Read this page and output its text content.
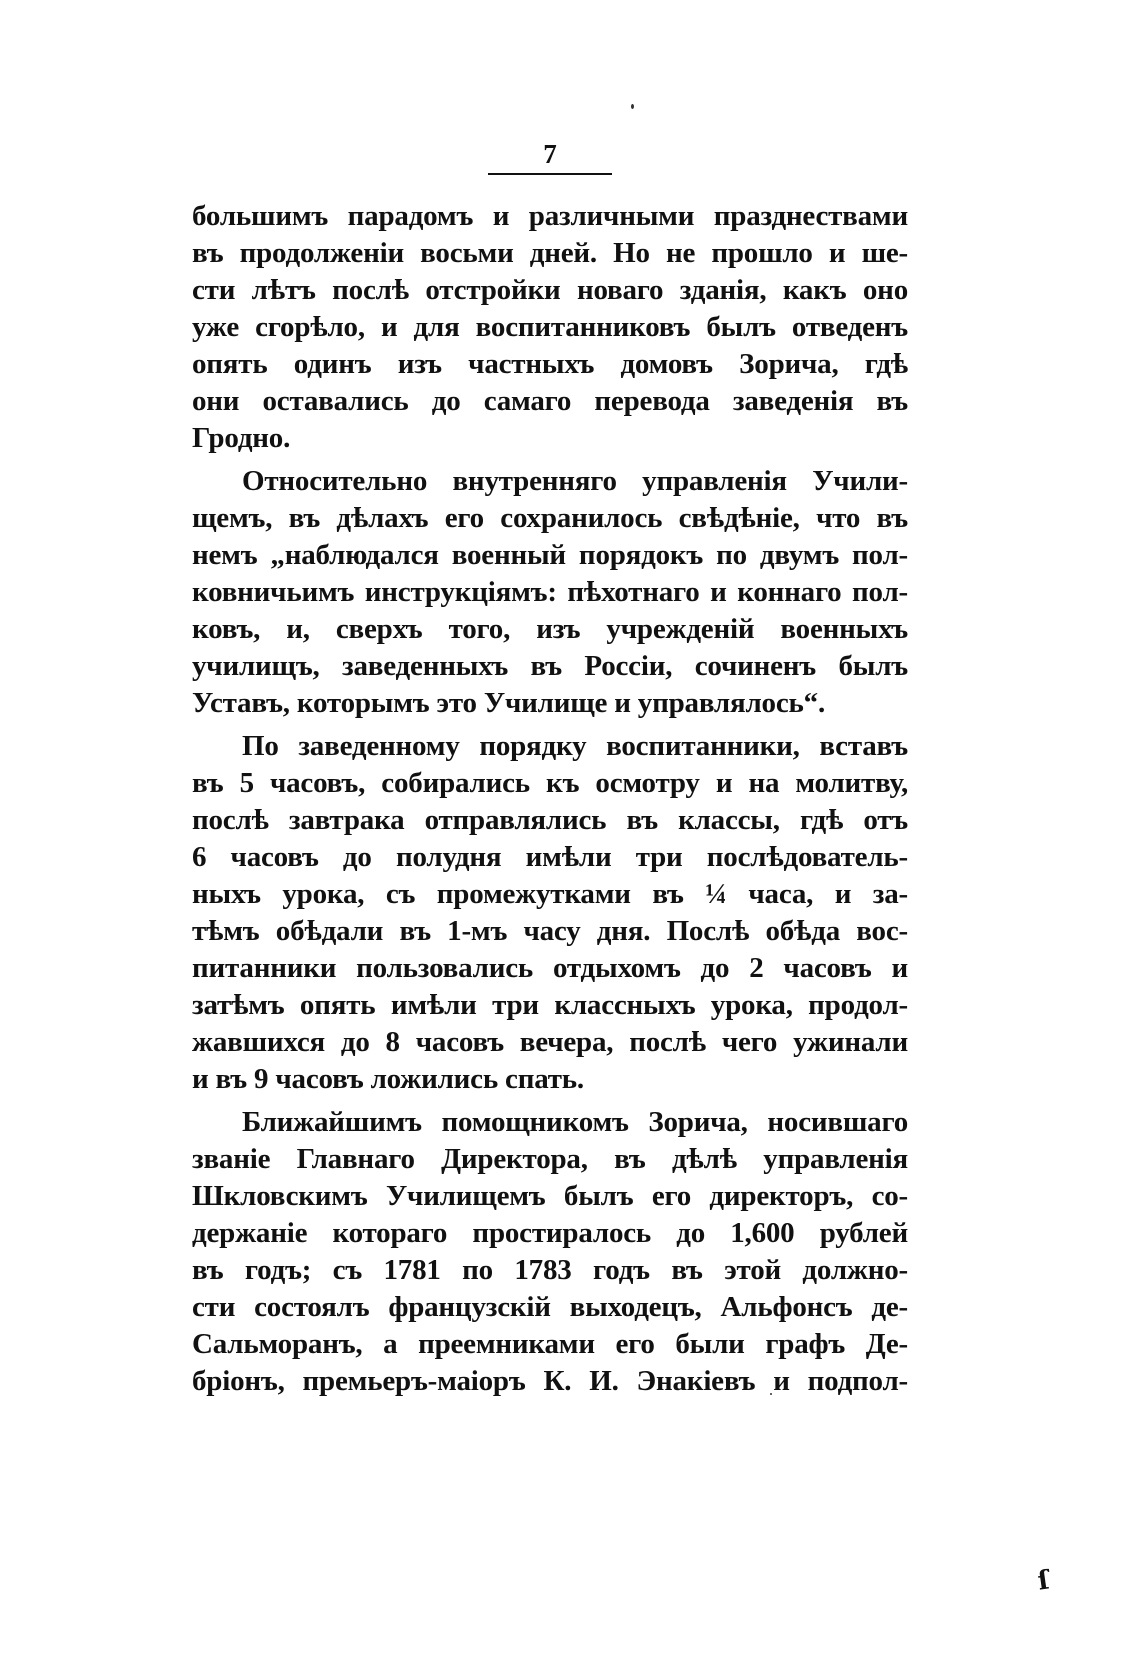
7
большимъ парадомъ и различными празднествами
въ продолженіи восьми дней. Но не прошло и ше-
сти лѣтъ послѣ отстройки новаго зданія, какъ оно
уже сгорѣло, и для воспитанниковъ былъ отведенъ
опять одинъ изъ частныхъ домовъ Зорича, гдѣ
они оставались до самаго перевода заведенія въ
Гродно.
Относительно внутренняго управленія Учили-
щемъ, въ дѣлахъ его сохранилось свѣдѣніе, что въ
немъ „наблюдался военный порядокъ по двумъ пол-
ковничьимъ инструкціямъ: пѣхотнаго и коннаго пол-
ковъ, и, сверхъ того, изъ учрежденій военныхъ
училищъ, заведенныхъ въ Россіи, сочиненъ былъ
Уставъ, которымъ это Училище и управлялось“.
По заведенному порядку воспитанники, вставъ
въ 5 часовъ, собирались къ осмотру и на молитву,
послѣ завтрака отправлялись въ классы, гдѣ отъ
6 часовъ до полудня имѣли три послѣдователь-
ныхъ урока, съ промежутками въ ¼ часа, и за-
тѣмъ обѣдали въ 1-мъ часу дня. Послѣ обѣда вос-
питанники пользовались отдыхомъ до 2 часовъ и
затѣмъ опять имѣли три классныхъ урока, продол-
жавшихся до 8 часовъ вечера, послѣ чего ужинали
и въ 9 часовъ ложились спать.
Ближайшимъ помощникомъ Зорича, носившаго
званіе Главнаго Директора, въ дѣлѣ управленія
Шкловскимъ Училищемъ былъ его директоръ, со-
держаніе котораго простиралось до 1,600 рублей
въ годъ; съ 1781 по 1783 годъ въ этой должно-
сти состоялъ французскій выходецъ, Альфонсъ де-
Сальморанъ, а преемниками его были графъ Де-
бріонъ, премьеръ-маіоръ К. И. Энакіевъ и подпол-
ſ
